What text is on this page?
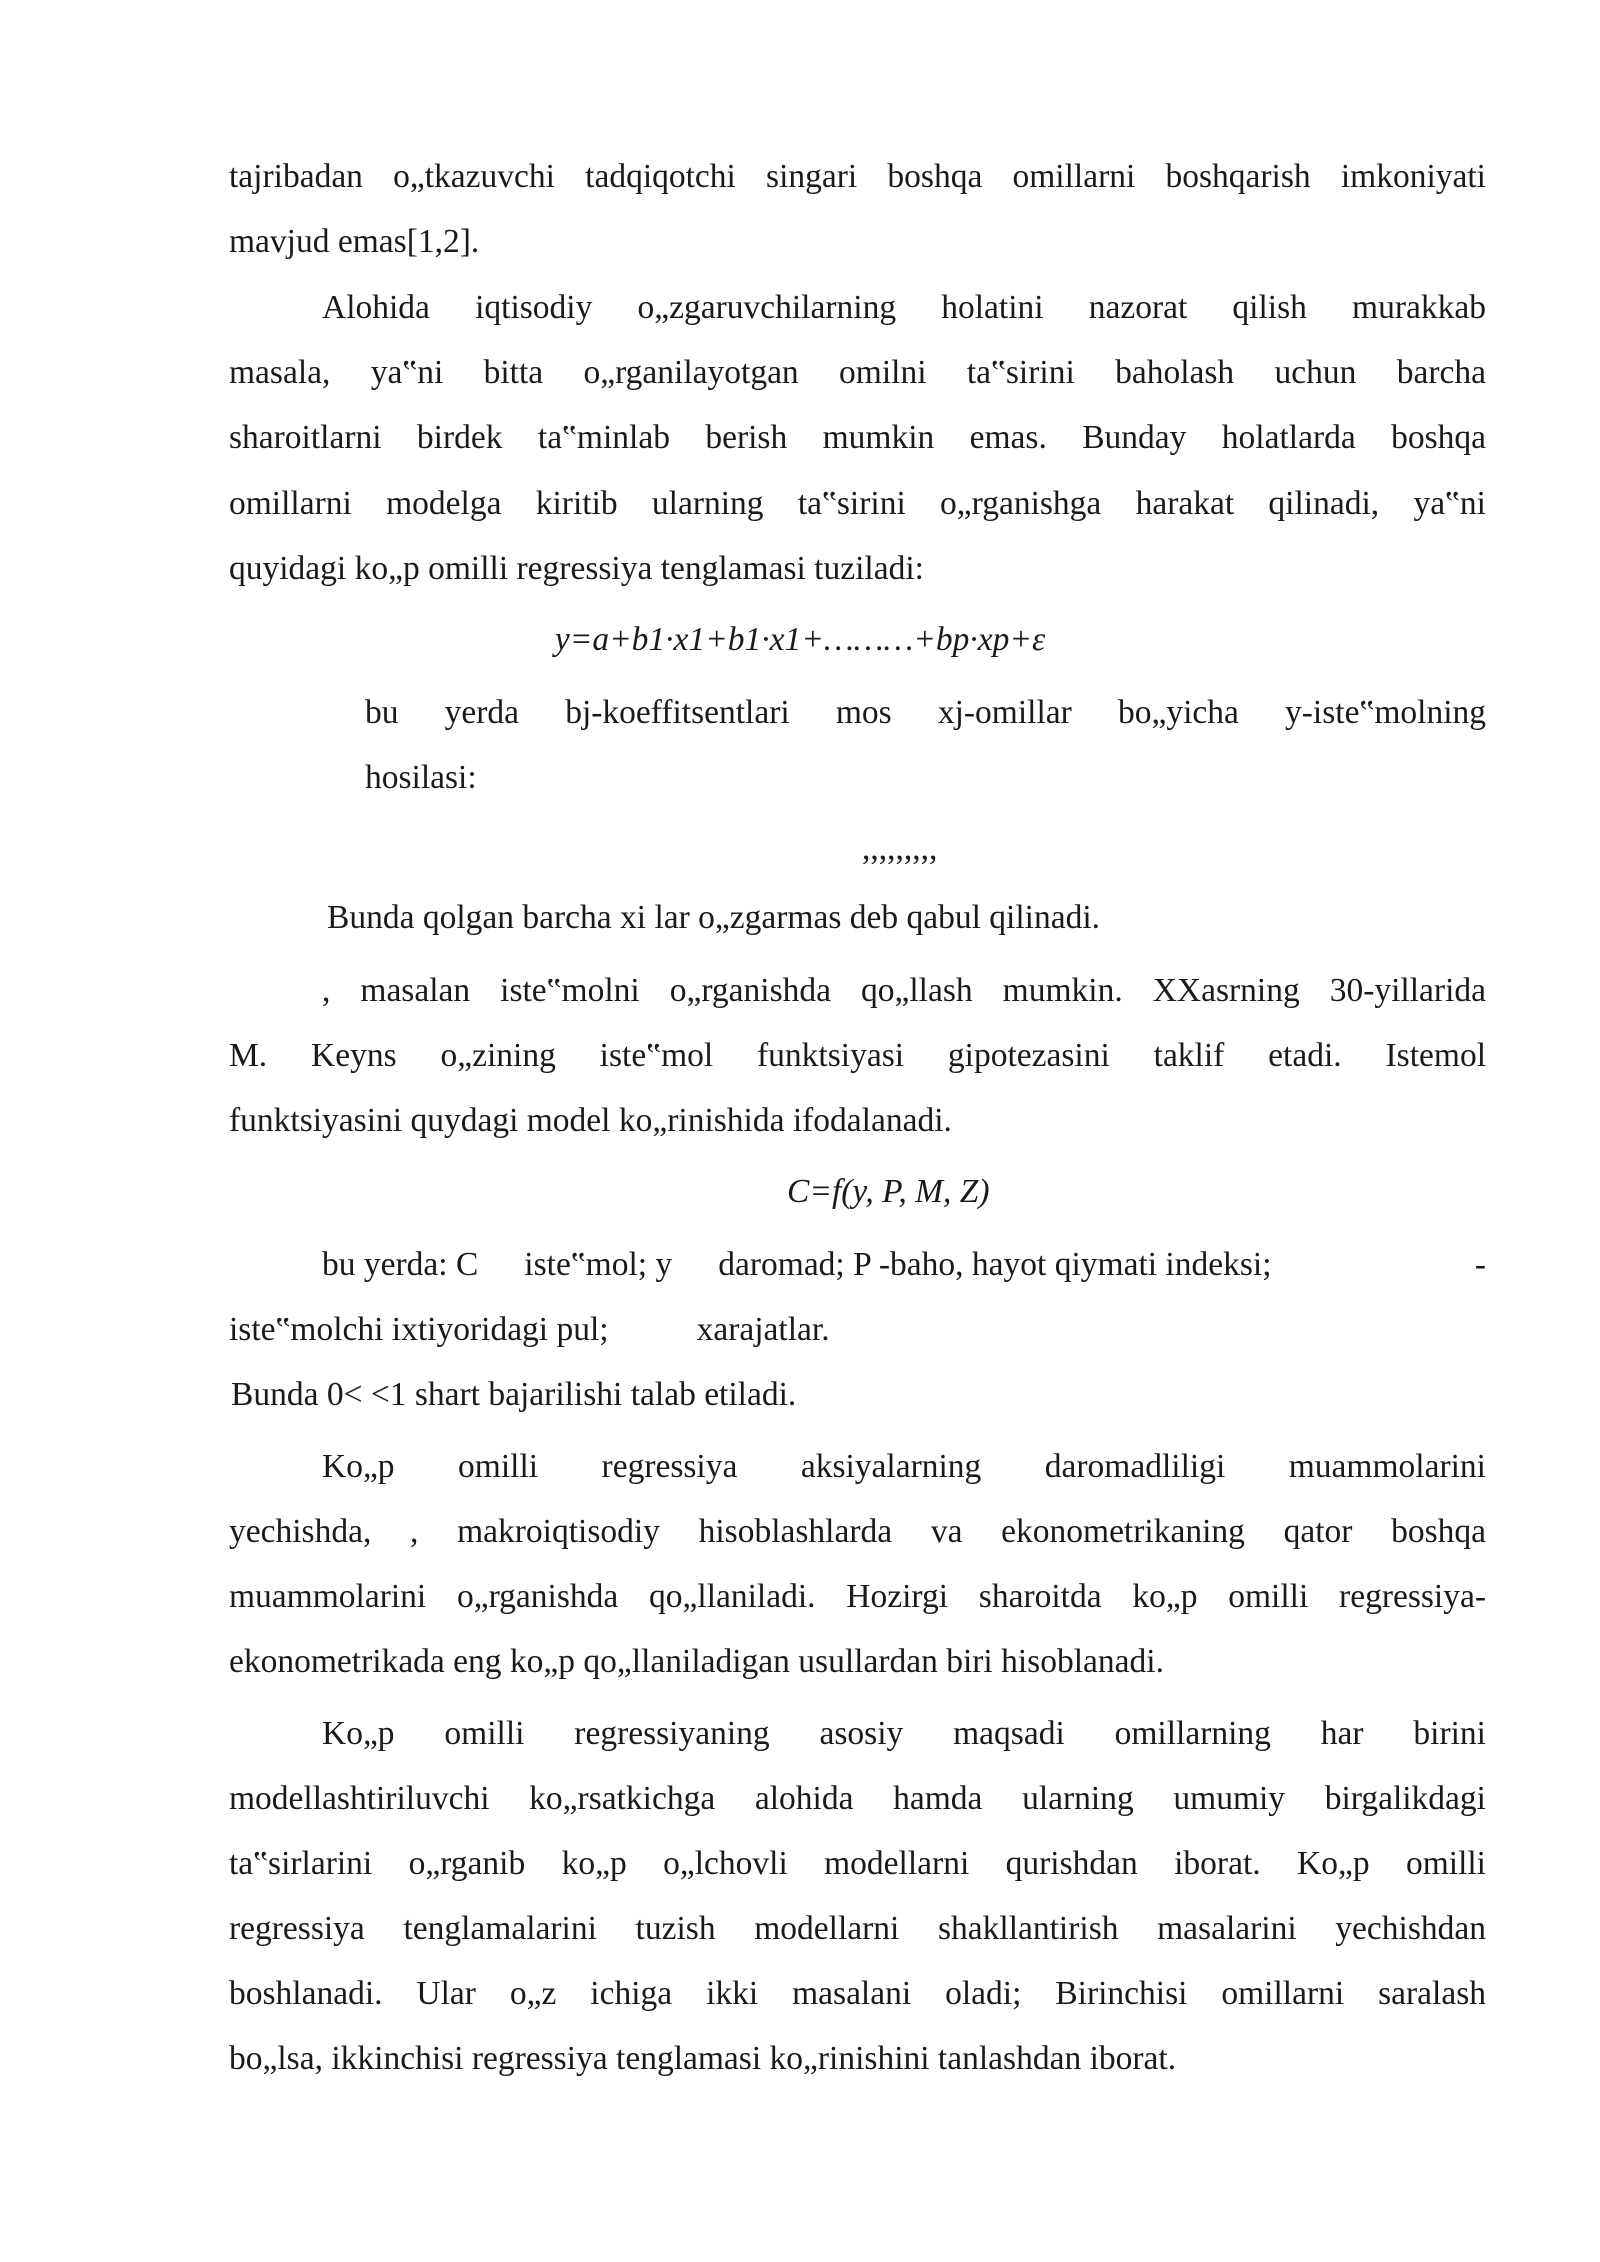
tajribadan o„tkazuvchi tadqiqotchi singari boshqa omillarni boshqarish imkoniyati
mavjud emas[1,2].
Alohida iqtisodiy o„zgaruvchilarning holatini nazorat qilish murakkab
masala, ya‟ni bitta o„rganilayotgan omilni ta‟sirini baholash uchun barcha
sharoitlarni birdek ta‟minlab berish mumkin emas. Bunday holatlarda boshqa
omillarni modelga kiritib ularning ta‟sirini o„rganishga harakat qilinadi, ya‟ni
quyidagi ko„p omilli regressiya tenglamasi tuziladi:
y=a+b1·x1+b1·x1+………+bp·xp+ε
bu yerda bj-koeffitsentlari mos xj-omillar bo„yicha y-iste‟molning
hosilasi:
,,,,,,,,,
Bunda qolgan barcha xi lar o„zgarmas deb qabul qilinadi.
, masalan iste‟molni o„rganishda qo„llash mumkin. XXasrning 30-yillarida
M. Keyns o„zining iste‟mol funktsiyasi gipotezasini taklif etadi. Istemol
funktsiyasini quydagi model ko„rinishida ifodalanadi.
C=f(y, P, M, Z)
bu yerda: C iste‟mol; y daromad; P -baho, hayot qiymati indeksi;	-
iste‟molchi ixtiyoridagi pul;	xarajatlar.
Bunda 0< <1 shart bajarilishi talab etiladi.
Ko„p omilli regressiya aksiyalarning daromadliligi muammolarini
yechishda, , makroiqtisodiy hisoblashlarda va ekonometrikaning qator boshqa
muammolarini o„rganishda qo„llaniladi. Hozirgi sharoitda ko„p omilli regressiya-
ekonometrikada eng ko„p qo„llaniladigan usullardan biri hisoblanadi.
Ko„p omilli regressiyaning asosiy maqsadi omillarning har birini
modellashtiriluvchi ko„rsatkichga alohida hamda ularning umumiy birgalikdagi
ta‟sirlarini o„rganib ko„p o„lchovli modellarni qurishdan iborat. Ko„p omilli
regressiya tenglamalarini tuzish modellarni shakllantirish masalarini yechishdan
boshlanadi. Ular o„z ichiga ikki masalani oladi; Birinchisi omillarni saralash
bo„lsa, ikkinchisi regressiya tenglamasi ko„rinishini tanlashdan iborat.
